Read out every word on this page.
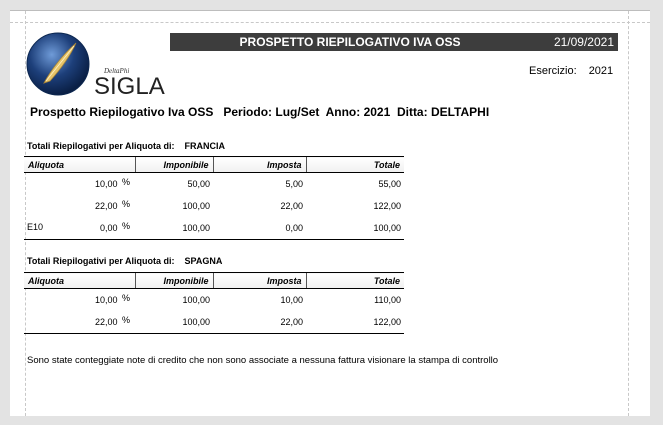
PROSPETTO RIEPILOGATIVO IVA OSS	21/09/2021
DeltaPhi
SIGLA
Esercizio: 2021
Prospetto Riepilogativo Iva OSS   Periodo: Lug/Set  Anno: 2021  Ditta: DELTAPHI
Totali Riepilogativi per Aliquota di: FRANCIA
Aliquota	Imponibile	Imposta	Totale

10,00 %	50,00	5,00	55,00

22,00 %	100,00	22,00	122,00

E10 0,00 %	100,00	0,00	100,00
Totali Riepilogativi per Aliquota di: SPAGNA
Aliquota	Imponibile	Imposta	Totale

10,00 %	100,00	10,00	110,00

22,00 %	100,00	22,00	122,00
Sono state conteggiate note di credito che non sono associate a nessuna fattura visionare la stampa di controllo
